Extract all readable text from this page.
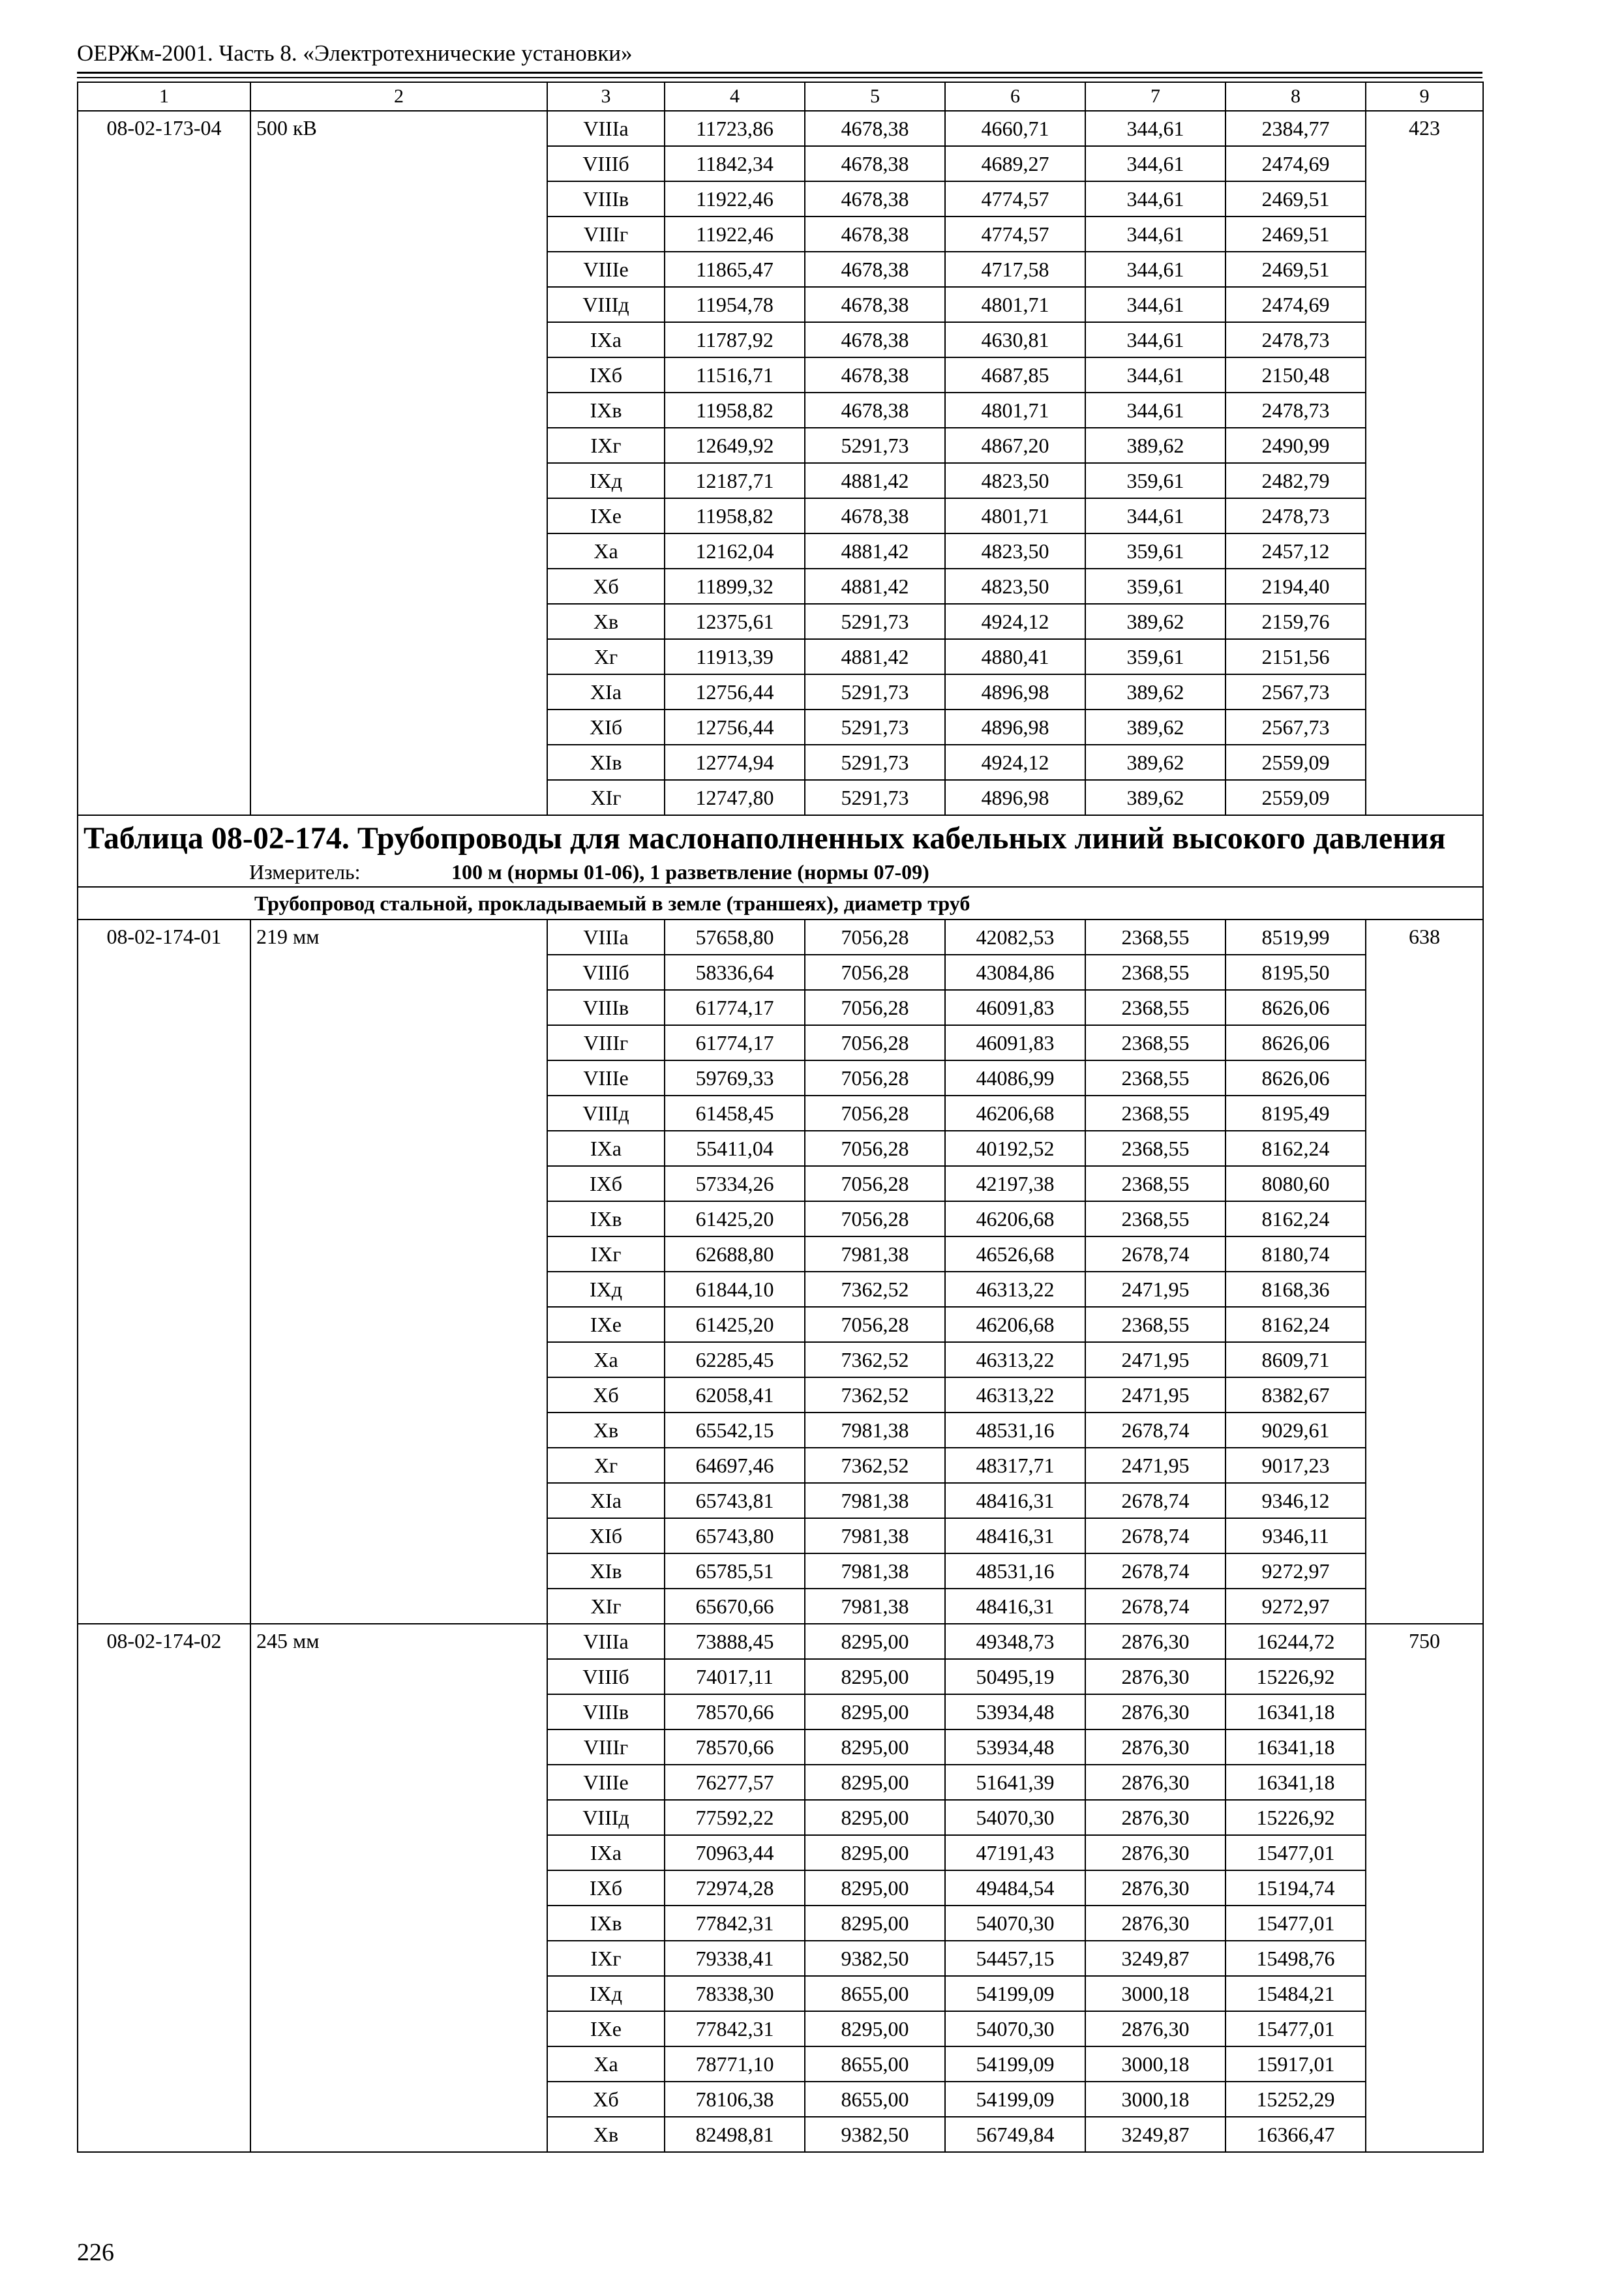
ОЕРЖм-2001. Часть 8. «Электротехнические установки»
1	2	3	4	5	6	7	8	9
08-02-173-04	500 кВ	VIIIа	11723,86	4678,38	4660,71	344,61	2384,77	423
		VIIIб	11842,34	4678,38	4689,27	344,61	2474,69	
		VIIIв	11922,46	4678,38	4774,57	344,61	2469,51	
		VIIIг	11922,46	4678,38	4774,57	344,61	2469,51	
		VIIIе	11865,47	4678,38	4717,58	344,61	2469,51	
		VIIIд	11954,78	4678,38	4801,71	344,61	2474,69	
		IXа	11787,92	4678,38	4630,81	344,61	2478,73	
		IXб	11516,71	4678,38	4687,85	344,61	2150,48	
		IXв	11958,82	4678,38	4801,71	344,61	2478,73	
		IXг	12649,92	5291,73	4867,20	389,62	2490,99	
		IXд	12187,71	4881,42	4823,50	359,61	2482,79	
		IXе	11958,82	4678,38	4801,71	344,61	2478,73	
		Xа	12162,04	4881,42	4823,50	359,61	2457,12	
		Xб	11899,32	4881,42	4823,50	359,61	2194,40	
		Xв	12375,61	5291,73	4924,12	389,62	2159,76	
		Xг	11913,39	4881,42	4880,41	359,61	2151,56	
		XIа	12756,44	5291,73	4896,98	389,62	2567,73	
		XIб	12756,44	5291,73	4896,98	389,62	2567,73	
		XIв	12774,94	5291,73	4924,12	389,62	2559,09	
		XIг	12747,80	5291,73	4896,98	389,62	2559,09	
Таблица 08-02-174. Трубопроводы для маслонаполненных кабельных линий высокого давления								
Измеритель: 100 м (нормы 01-06), 1 разветвление (нормы 07-09)								
Трубопровод стальной, прокладываемый в земле (траншеях), диаметр труб								
08-02-174-01	219 мм	VIIIа	57658,80	7056,28	42082,53	2368,55	8519,99	638
		VIIIб	58336,64	7056,28	43084,86	2368,55	8195,50	
		VIIIв	61774,17	7056,28	46091,83	2368,55	8626,06	
		VIIIг	61774,17	7056,28	46091,83	2368,55	8626,06	
		VIIIе	59769,33	7056,28	44086,99	2368,55	8626,06	
		VIIIд	61458,45	7056,28	46206,68	2368,55	8195,49	
		IXа	55411,04	7056,28	40192,52	2368,55	8162,24	
		IXб	57334,26	7056,28	42197,38	2368,55	8080,60	
		IXв	61425,20	7056,28	46206,68	2368,55	8162,24	
		IXг	62688,80	7981,38	46526,68	2678,74	8180,74	
		IXд	61844,10	7362,52	46313,22	2471,95	8168,36	
		IXе	61425,20	7056,28	46206,68	2368,55	8162,24	
		Xа	62285,45	7362,52	46313,22	2471,95	8609,71	
		Xб	62058,41	7362,52	46313,22	2471,95	8382,67	
		Xв	65542,15	7981,38	48531,16	2678,74	9029,61	
		Xг	64697,46	7362,52	48317,71	2471,95	9017,23	
		XIа	65743,81	7981,38	48416,31	2678,74	9346,12	
		XIб	65743,80	7981,38	48416,31	2678,74	9346,11	
		XIв	65785,51	7981,38	48531,16	2678,74	9272,97	
		XIг	65670,66	7981,38	48416,31	2678,74	9272,97	
08-02-174-02	245 мм	VIIIа	73888,45	8295,00	49348,73	2876,30	16244,72	750
		VIIIб	74017,11	8295,00	50495,19	2876,30	15226,92	
		VIIIв	78570,66	8295,00	53934,48	2876,30	16341,18	
		VIIIг	78570,66	8295,00	53934,48	2876,30	16341,18	
		VIIIе	76277,57	8295,00	51641,39	2876,30	16341,18	
		VIIIд	77592,22	8295,00	54070,30	2876,30	15226,92	
		IXа	70963,44	8295,00	47191,43	2876,30	15477,01	
		IXб	72974,28	8295,00	49484,54	2876,30	15194,74	
		IXв	77842,31	8295,00	54070,30	2876,30	15477,01	
		IXг	79338,41	9382,50	54457,15	3249,87	15498,76	
		IXд	78338,30	8655,00	54199,09	3000,18	15484,21	
		IXе	77842,31	8295,00	54070,30	2876,30	15477,01	
		Xа	78771,10	8655,00	54199,09	3000,18	15917,01	
		Xб	78106,38	8655,00	54199,09	3000,18	15252,29	
		Xв	82498,81	9382,50	56749,84	3249,87	16366,47	
226
